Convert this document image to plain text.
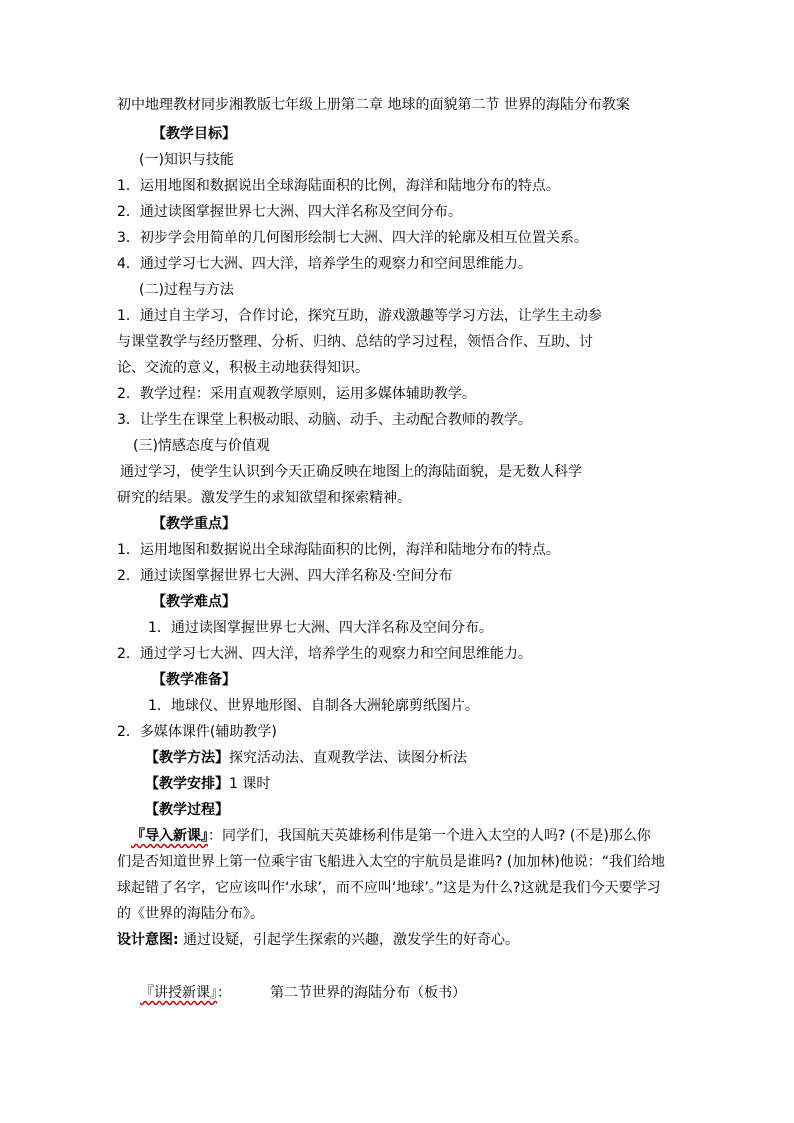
初中地理教材同步湘教版七年级上册第二章 地球的面貌第二节 世界的海陆分布教案
【教学目标】
(一)知识与技能
1．运用地图和数据说出全球海陆面积的比例，海洋和陆地分布的特点。
2．通过读图掌握世界七大洲、四大洋名称及空间分布。
3．初步学会用简单的几何图形绘制七大洲、四大洋的轮廓及相互位置关系。
4．通过学习七大洲、四大洋，培养学生的观察力和空间思维能力。
(二)过程与方法
1．通过自主学习，合作讨论，探究互助，游戏激趣等学习方法，让学生主动参
与课堂教学与经历整理、分析、归纳、总结的学习过程，领悟合作、互助、讨
论、交流的意义，积极主动地获得知识。
2．教学过程：采用直观教学原则，运用多媒体辅助教学。
3．让学生在课堂上积极动眼、动脑、动手、主动配合教师的教学。
(三)情感态度与价值观
通过学习，使学生认识到今天正确反映在地图上的海陆面貌，是无数人科学
研究的结果。激发学生的求知欲望和探索精神。
【教学重点】
1．运用地图和数据说出全球海陆面积的比例，海洋和陆地分布的特点。
2．通过读图掌握世界七大洲、四大洋名称及·空间分布
【教学难点】
1．通过读图掌握世界七大洲、四大洋名称及空间分布。
2．通过学习七大洲、四大洋，培养学生的观察力和空间思维能力。
【教学准备】
1．地球仪、世界地形图、自制各大洲轮廓剪纸图片。
2．多媒体课件(辅助教学)
【教学方法】探究活动法、直观教学法、读图分析法
【教学安排】1 课时
【教学过程】
『导入新课』：同学们，我国航天英雄杨利伟是第一个进入太空的人吗? (不是)那么你
们是否知道世界上第一位乘宇宙飞船进入太空的宇航员是谁吗? (加加林)他说：“我们给地
球起错了名字，它应该叫作‘水球’，而不应叫‘地球’。”这是为什么?这就是我们今天要学习
的《世界的海陆分布》。
设计意图: 通过设疑，引起学生探索的兴趣，激发学生的好奇心。
『讲授新课』：	第二节世界的海陆分布（板书）
